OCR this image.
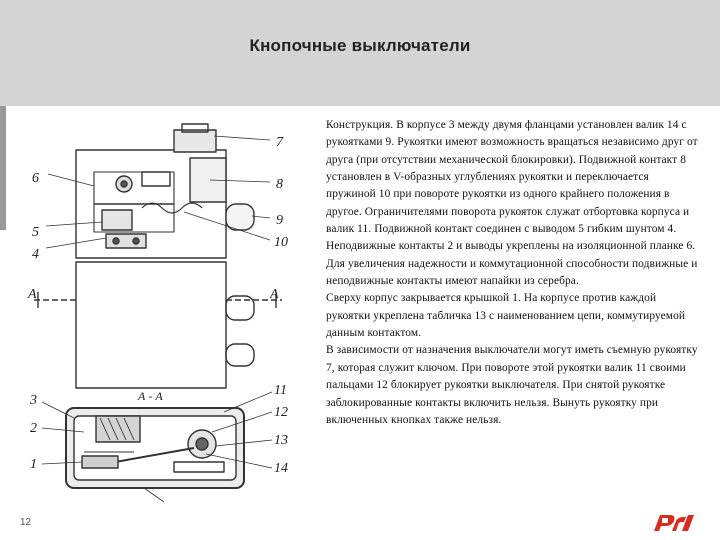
Кнопочные выключатели
7
6	8
5
9
4
10
3
11
2
12
1
13
14
А	А
А - А
Конструкция. В корпусе 3 между двумя фланцами установлен валик 14 с рукоятками 9. Рукоятки имеют возможность вращаться независимо друг от друга (при отсутствии механической блокировки). Подвижной контакт 8 установлен в V-образных углублениях рукоятки и переключается пружиной 10 при повороте рукоятки из одного крайнего положения в другое. Ограничителями поворота рукояток служат отбортовка корпуса и валик 11. Подвижной контакт соединен с выводом 5 гибким шунтом 4. Неподвижные контакты 2 и выводы укреплены на изоляционной планке 6. Для увеличения надежности и коммутационной способности подвижные и неподвижные контакты имеют напайки из серебра.
Сверху корпус закрывается крышкой 1. На корпусе против каждой рукоятки укреплена табличка 13 с наименованием цепи, коммутируемой данным контактом.
В зависимости от назначения выключатели могут иметь съемную рукоятку 7, которая служит ключом. При повороте этой рукоятки валик 11 своими пальцами 12 блокирует рукоятки выключателя. При снятой рукоятке заблокированные контакты включить нельзя. Вынуть рукоятку при включенных кнопках также нельзя.
12
